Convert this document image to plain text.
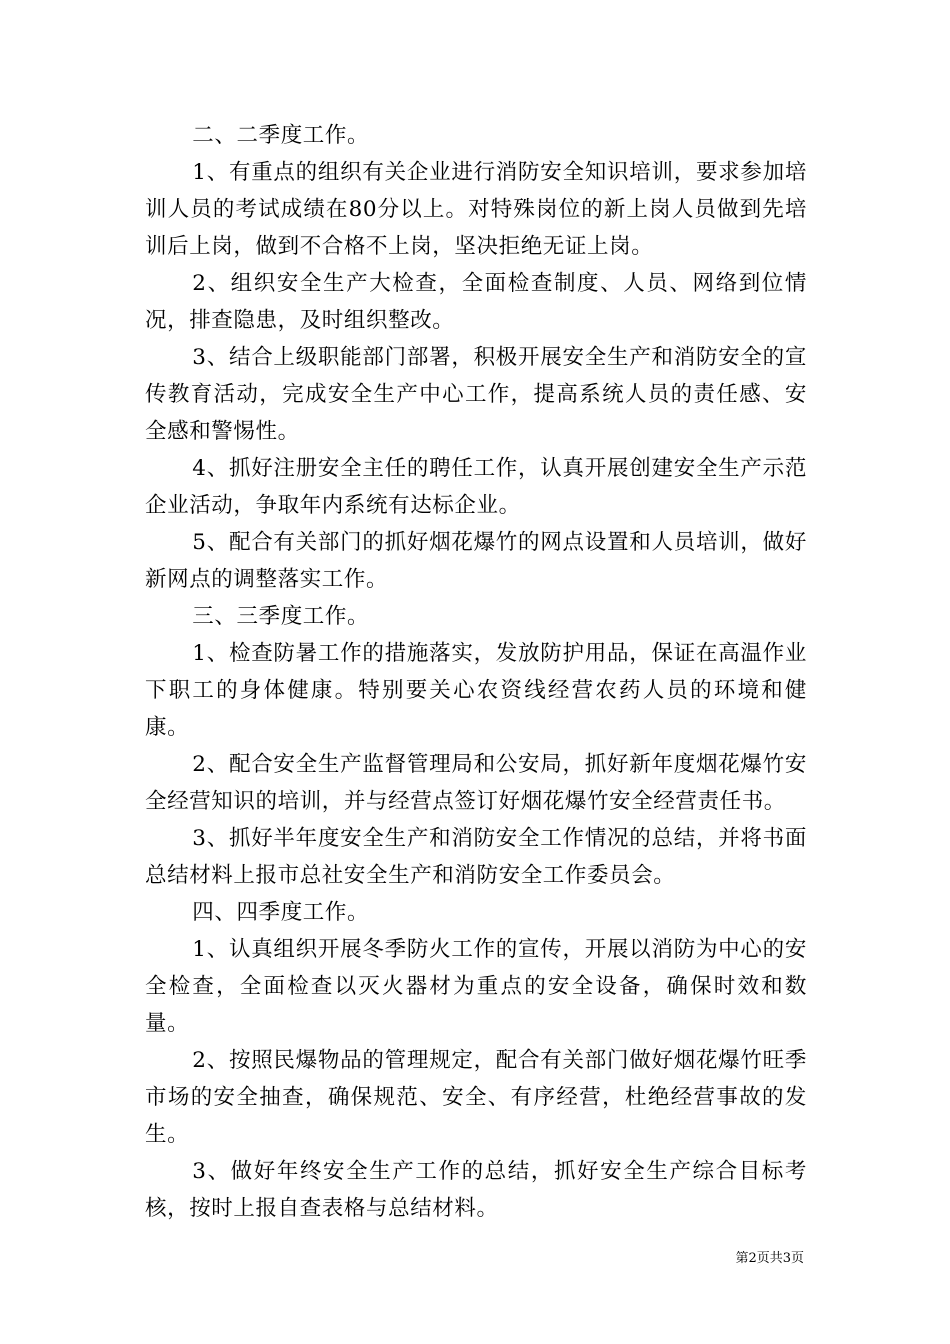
二、二季度工作。

1、有重点的组织有关企业进行消防安全知识培训，要求参加培训人员的考试成绩在80分以上。对特殊岗位的新上岗人员做到先培训后上岗，做到不合格不上岗，坚决拒绝无证上岗。

2、组织安全生产大检查，全面检查制度、人员、网络到位情况，排查隐患，及时组织整改。

3、结合上级职能部门部署，积极开展安全生产和消防安全的宣传教育活动，完成安全生产中心工作，提高系统人员的责任感、安全感和警惕性。

4、抓好注册安全主任的聘任工作，认真开展创建安全生产示范企业活动，争取年内系统有达标企业。

5、配合有关部门的抓好烟花爆竹的网点设置和人员培训，做好新网点的调整落实工作。

三、三季度工作。

1、检查防暑工作的措施落实，发放防护用品，保证在高温作业下职工的身体健康。特别要关心农资线经营农药人员的环境和健康。

2、配合安全生产监督管理局和公安局，抓好新年度烟花爆竹安全经营知识的培训，并与经营点签订好烟花爆竹安全经营责任书。

3、抓好半年度安全生产和消防安全工作情况的总结，并将书面总结材料上报市总社安全生产和消防安全工作委员会。

四、四季度工作。

1、认真组织开展冬季防火工作的宣传，开展以消防为中心的安全检查，全面检查以灭火器材为重点的安全设备，确保时效和数量。

2、按照民爆物品的管理规定，配合有关部门做好烟花爆竹旺季市场的安全抽查，确保规范、安全、有序经营，杜绝经营事故的发生。

3、做好年终安全生产工作的总结，抓好安全生产综合目标考核，按时上报自查表格与总结材料。

第2页共3页
